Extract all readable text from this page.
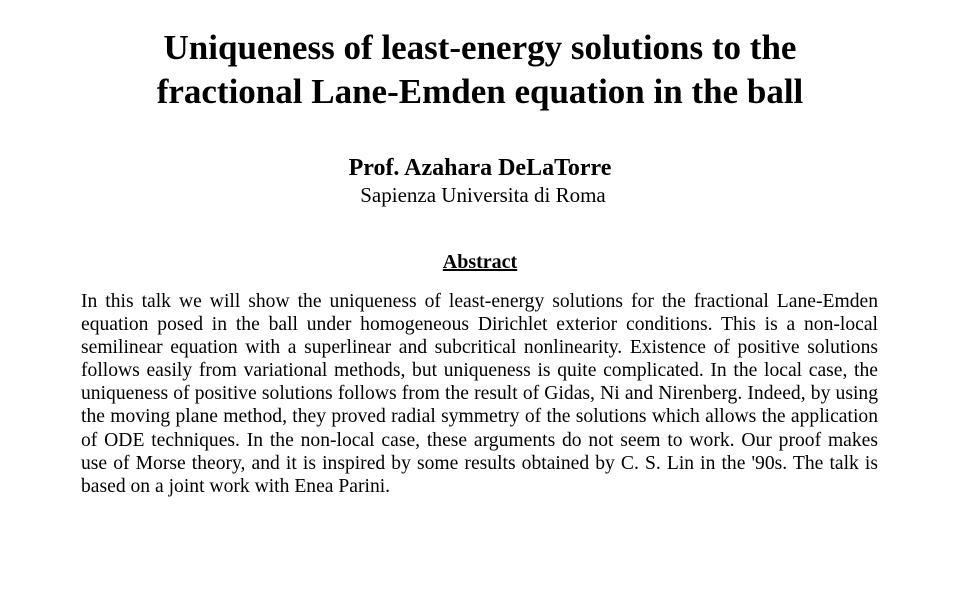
Uniqueness of least-energy solutions to the
fractional Lane-Emden equation in the ball

Prof. Azahara DeLaTorre

Sapienza Universita di Roma

Abstract

In this talk we will show the uniqueness of least-energy solutions for the fractional Lane-Emden equation posed in the ball under homogeneous Dirichlet exterior conditions. This is a non-local semilinear equation with a superlinear and subcritical nonlinearity. Existence of positive solutions follows easily from variational methods, but uniqueness is quite complicated. In the local case, the uniqueness of positive solutions follows from the result of Gidas, Ni and Nirenberg. Indeed, by using the moving plane method, they proved radial symmetry of the solutions which allows the application of ODE techniques. In the non-local case, these arguments do not seem to work. Our proof makes use of Morse theory, and it is inspired by some results obtained by C. S. Lin in the '90s. The talk is based on a joint work with Enea Parini.
